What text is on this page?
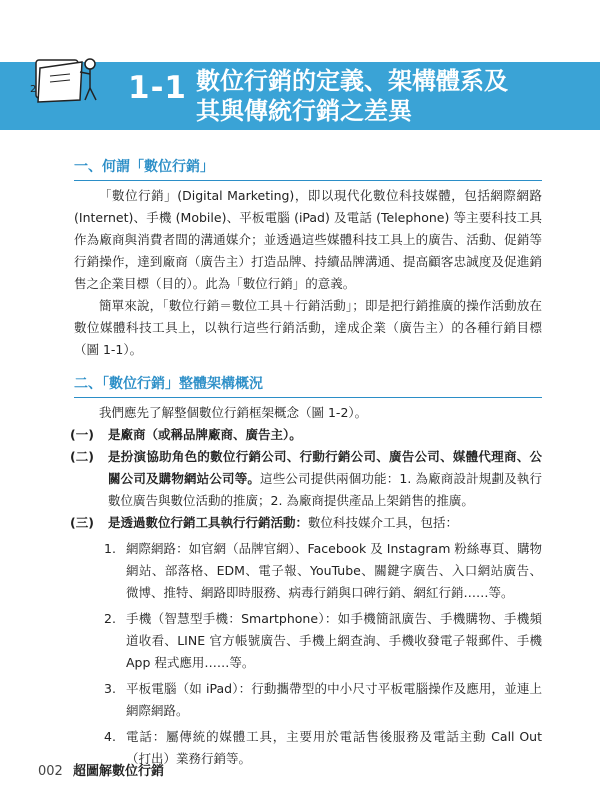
2	1-1 數位行銷的定義、架構體系及
其與傳統行銷之差異
一、何謂「數位行銷」

「數位行銷」(Digital Marketing)，即以現代化數位科技媒體，包括網際網路 (Internet)、手機 (Mobile)、平板電腦 (iPad) 及電話 (Telephone) 等主要科技工具作為廠商與消費者間的溝通媒介；並透過這些媒體科技工具上的廣告、活動、促銷等行銷操作，達到廠商（廣告主）打造品牌、持續品牌溝通、提高顧客忠誠度及促進銷售之企業目標（目的）。此為「數位行銷」的意義。

簡單來說，「數位行銷＝數位工具＋行銷活動」；即是把行銷推廣的操作活動放在數位媒體科技工具上，以執行這些行銷活動，達成企業（廣告主）的各種行銷目標（圖 1-1）。

二、「數位行銷」整體架構概況

我們應先了解整個數位行銷框架概念（圖 1-2）。

(一)	是廠商（或稱品牌廠商、廣告主）。

(二)	是扮演協助角色的數位行銷公司、行動行銷公司、廣告公司、媒體代理商、公關公司及購物網站公司等。這些公司提供兩個功能：1. 為廠商設計規劃及執行數位廣告與數位活動的推廣；2. 為廠商提供產品上架銷售的推廣。

(三)	是透過數位行銷工具執行行銷活動：數位科技媒介工具，包括：

1. 網際網路：如官網（品牌官網）、Facebook 及 Instagram 粉絲專頁、購物網站、部落格、EDM、電子報、YouTube、關鍵字廣告、入口網站廣告、微博、推特、網路即時服務、病毒行銷與口碑行銷、網紅行銷……等。

2. 手機（智慧型手機：Smartphone）：如手機簡訊廣告、手機購物、手機頻道收看、LINE 官方帳號廣告、手機上網查詢、手機收發電子報郵件、手機 App 程式應用……等。

3. 平板電腦（如 iPad）：行動攜帶型的中小尺寸平板電腦操作及應用，並連上網際網路。

4. 電話：屬傳統的媒體工具，主要用於電話售後服務及電話主動 Call Out（打出）業務行銷等。

002 超圖解數位行銷
